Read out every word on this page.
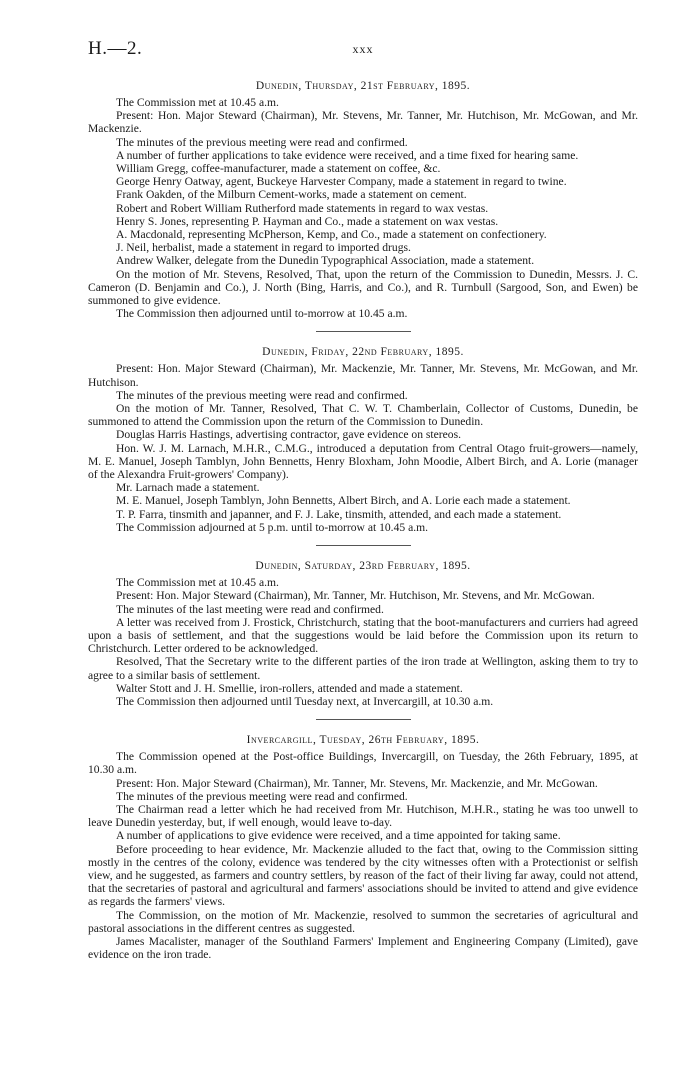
H.—2.	xxx
Dunedin, Thursday, 21st February, 1895.

The Commission met at 10.45 a.m.

Present: Hon. Major Steward (Chairman), Mr. Stevens, Mr. Tanner, Mr. Hutchison, Mr. McGowan, and Mr. Mackenzie.

The minutes of the previous meeting were read and confirmed.

A number of further applications to take evidence were received, and a time fixed for hearing same.

William Gregg, coffee-manufacturer, made a statement on coffee, &c.

George Henry Oatway, agent, Buckeye Harvester Company, made a statement in regard to twine.

Frank Oakden, of the Milburn Cement-works, made a statement on cement.

Robert and Robert William Rutherford made statements in regard to wax vestas.

Henry S. Jones, representing P. Hayman and Co., made a statement on wax vestas.

A. Macdonald, representing McPherson, Kemp, and Co., made a statement on confectionery.

J. Neil, herbalist, made a statement in regard to imported drugs.

Andrew Walker, delegate from the Dunedin Typographical Association, made a statement.

On the motion of Mr. Stevens, Resolved, That, upon the return of the Commission to Dunedin, Messrs. J. C. Cameron (D. Benjamin and Co.), J. North (Bing, Harris, and Co.), and R. Turnbull (Sargood, Son, and Ewen) be summoned to give evidence.

The Commission then adjourned until to-morrow at 10.45 a.m.

Dunedin, Friday, 22nd February, 1895.

Present: Hon. Major Steward (Chairman), Mr. Mackenzie, Mr. Tanner, Mr. Stevens, Mr. McGowan, and Mr. Hutchison.

The minutes of the previous meeting were read and confirmed.

On the motion of Mr. Tanner, Resolved, That C. W. T. Chamberlain, Collector of Customs, Dunedin, be summoned to attend the Commission upon the return of the Commission to Dunedin.

Douglas Harris Hastings, advertising contractor, gave evidence on stereos.

Hon. W. J. M. Larnach, M.H.R., C.M.G., introduced a deputation from Central Otago fruit-growers—namely, M. E. Manuel, Joseph Tamblyn, John Bennetts, Henry Bloxham, John Moodie, Albert Birch, and A. Lorie (manager of the Alexandra Fruit-growers' Company).

Mr. Larnach made a statement.

M. E. Manuel, Joseph Tamblyn, John Bennetts, Albert Birch, and A. Lorie each made a statement.

T. P. Farra, tinsmith and japanner, and F. J. Lake, tinsmith, attended, and each made a statement.

The Commission adjourned at 5 p.m. until to-morrow at 10.45 a.m.

Dunedin, Saturday, 23rd February, 1895.

The Commission met at 10.45 a.m.

Present: Hon. Major Steward (Chairman), Mr. Tanner, Mr. Hutchison, Mr. Stevens, and Mr. McGowan.

The minutes of the last meeting were read and confirmed.

A letter was received from J. Frostick, Christchurch, stating that the boot-manufacturers and curriers had agreed upon a basis of settlement, and that the suggestions would be laid before the Commission upon its return to Christchurch. Letter ordered to be acknowledged.

Resolved, That the Secretary write to the different parties of the iron trade at Wellington, asking them to try to agree to a similar basis of settlement.

Walter Stott and J. H. Smellie, iron-rollers, attended and made a statement.

The Commission then adjourned until Tuesday next, at Invercargill, at 10.30 a.m.

Invercargill, Tuesday, 26th February, 1895.

The Commission opened at the Post-office Buildings, Invercargill, on Tuesday, the 26th February, 1895, at 10.30 a.m.

Present: Hon. Major Steward (Chairman), Mr. Tanner, Mr. Stevens, Mr. Mackenzie, and Mr. McGowan.

The minutes of the previous meeting were read and confirmed.

The Chairman read a letter which he had received from Mr. Hutchison, M.H.R., stating he was too unwell to leave Dunedin yesterday, but, if well enough, would leave to-day.

A number of applications to give evidence were received, and a time appointed for taking same.

Before proceeding to hear evidence, Mr. Mackenzie alluded to the fact that, owing to the Commission sitting mostly in the centres of the colony, evidence was tendered by the city witnesses often with a Protectionist or selfish view, and he suggested, as farmers and country settlers, by reason of the fact of their living far away, could not attend, that the secretaries of pastoral and agricultural and farmers' associations should be invited to attend and give evidence as regards the farmers' views.

The Commission, on the motion of Mr. Mackenzie, resolved to summon the secretaries of agricultural and pastoral associations in the different centres as suggested.

James Macalister, manager of the Southland Farmers' Implement and Engineering Company (Limited), gave evidence on the iron trade.
